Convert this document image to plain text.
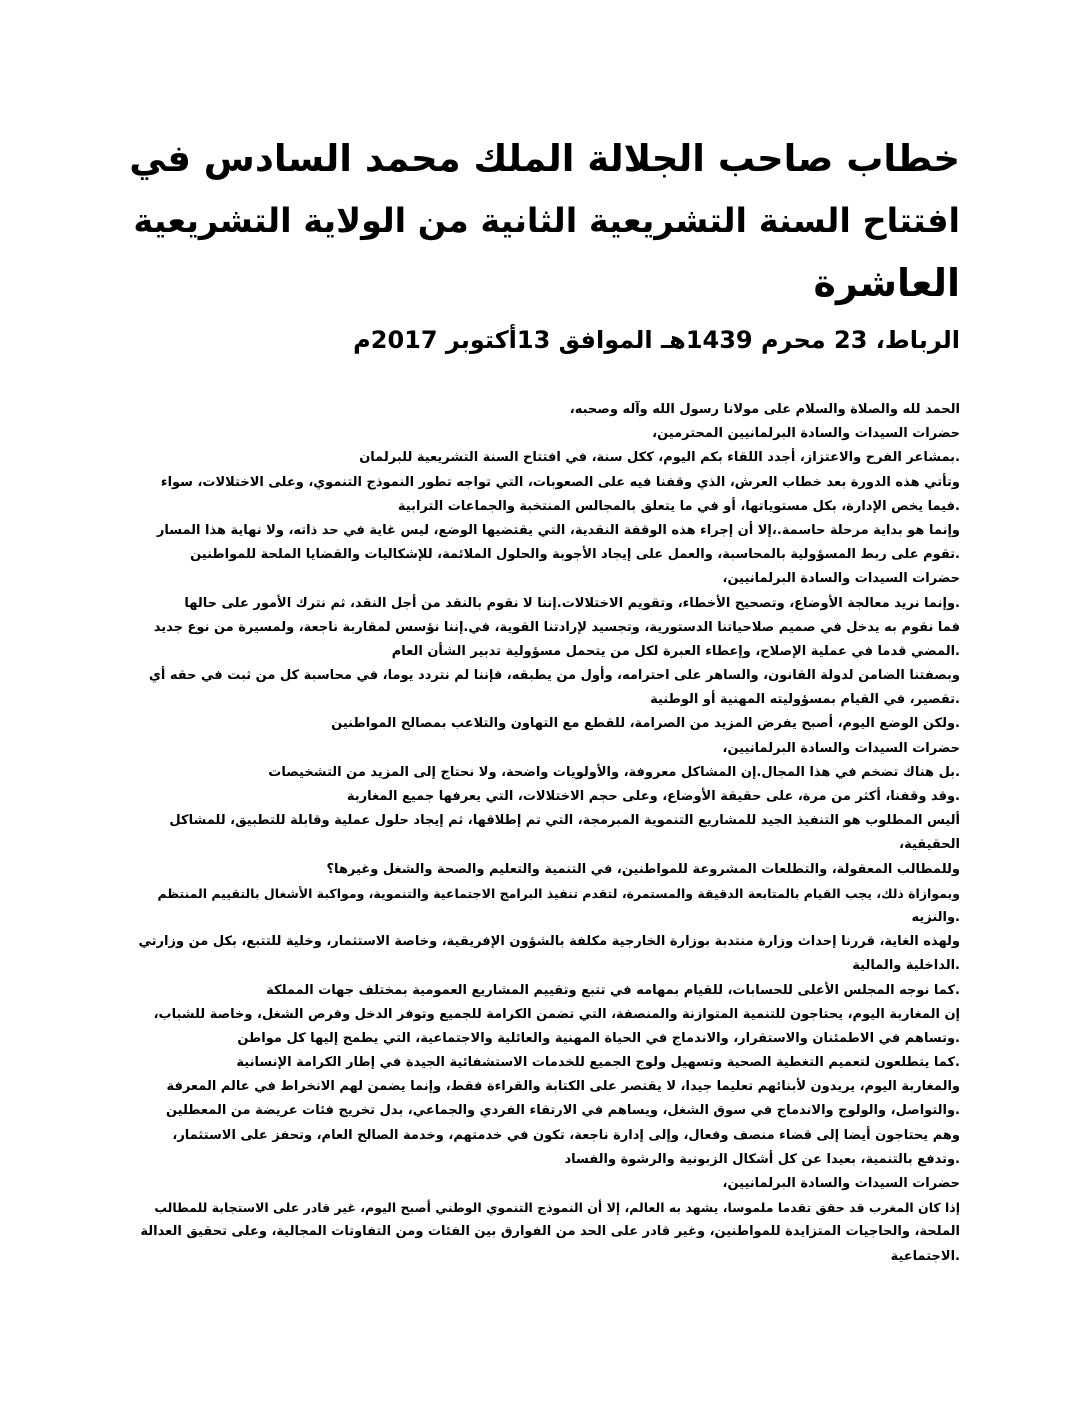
خطاب صاحب الجلالة الملك محمد السادس في
افتتاح السنة التشريعية الثانية من الولاية التشريعية
العاشرة
الرباط، 23 محرم 1439هـ الموافق 13أكتوبر 2017م
الحمد لله والصلاة والسلام على مولانا رسول الله وآله وصحبه،
حضرات السيدات والسادة البرلمانيين المحترمين،
.بمشاعر الفرح والاعتزاز، أجدد اللقاء بكم اليوم، ككل سنة، في افتتاح السنة التشريعية للبرلمان
وتأتي هذه الدورة بعد خطاب العرش، الذي وقفنا فيه على الصعوبات، التي تواجه تطور النموذج التنموي، وعلى الاختلالات، سواء
.فيما يخص الإدارة، بكل مستوياتها، أو في ما يتعلق بالمجالس المنتخبة والجماعات الترابية
وإنما هو بداية مرحلة حاسمة.،إلا أن إجراء هذه الوقفة النقدية، التي يقتضيها الوضع، ليس غاية في حد ذاته، ولا نهاية هذا المسار
.تقوم على ربط المسؤولية بالمحاسبة، والعمل على إيجاد الأجوبة والحلول الملائمة، للإشكاليات والقضايا الملحة للمواطنين
حضرات السيدات والسادة البرلمانيين،
.وإنما نريد معالجة الأوضاع، وتصحيح الأخطاء، وتقويم الاختلالات.إننا لا نقوم بالنقد من أجل النقد، ثم نترك الأمور على حالها
فما نقوم به يدخل في صميم صلاحياتنا الدستورية، وتجسيد لإرادتنا القوية، في.إننا نؤسس لمقاربة ناجعة، ولمسيرة من نوع جديد
.المضي قدما في عملية الإصلاح، وإعطاء العبرة لكل من يتحمل مسؤولية تدبير الشأن العام
وبصفتنا الضامن لدولة القانون، والساهر على احترامه، وأول من يطبقه، فإننا لم نتردد يوما، في محاسبة كل من ثبت في حقه أي
.تقصير، في القيام بمسؤوليته المهنية أو الوطنية
.ولكن الوضع اليوم، أصبح يفرض المزيد من الصرامة، للقطع مع التهاون والتلاعب بمصالح المواطنين
حضرات السيدات والسادة البرلمانيين،
.بل هناك تضخم في هذا المجال.إن المشاكل معروفة، والأولويات واضحة، ولا نحتاج إلى المزيد من التشخيصات
.وقد وقفنا، أكثر من مرة، على حقيقة الأوضاع، وعلى حجم الاختلالات، التي يعرفها جميع المغاربة
أليس المطلوب هو التنفيذ الجيد للمشاريع التنموية المبرمجة، التي تم إطلاقها، ثم إيجاد حلول عملية وقابلة للتطبيق، للمشاكل
الحقيقية،
وللمطالب المعقولة، والتطلعات المشروعة للمواطنين، في التنمية والتعليم والصحة والشغل وغيرها؟
وبموازاة ذلك، يجب القيام بالمتابعة الدقيقة والمستمرة، لتقدم تنفيذ البرامج الاجتماعية والتنموية، ومواكبة الأشغال بالتقييم المنتظم
.والنزيه
ولهذه الغاية، قررنا إحداث وزارة منتدبة بوزارة الخارجية مكلفة بالشؤون الإفريقية، وخاصة الاستثمار، وخلية للتتبع، بكل من وزارتي
.الداخلية والمالية
.كما نوجه المجلس الأعلى للحسابات، للقيام بمهامه في تتبع وتقييم المشاريع العمومية بمختلف جهات المملكة
إن المغاربة اليوم، يحتاجون للتنمية المتوازنة والمنصفة، التي تضمن الكرامة للجميع وتوفر الدخل وفرص الشغل، وخاصة للشباب،
.وتساهم في الاطمئنان والاستقرار، والاندماج في الحياة المهنية والعائلية والاجتماعية، التي يطمح إليها كل مواطن
.كما يتطلعون لتعميم التغطية الصحية وتسهيل ولوج الجميع للخدمات الاستشفائية الجيدة في إطار الكرامة الإنسانية
والمغاربة اليوم، يريدون لأبنائهم تعليما جيدا، لا يقتصر على الكتابة والقراءة فقط، وإنما يضمن لهم الانخراط في عالم المعرفة
.والتواصل، والولوج والاندماج في سوق الشغل، ويساهم في الارتقاء الفردي والجماعي، بدل تخريج فئات عريضة من المعطلين
وهم يحتاجون أيضا إلى قضاء منصف وفعال، وإلى إدارة ناجعة، تكون في خدمتهم، وخدمة الصالح العام، وتحفز على الاستثمار،
.وتدفع بالتنمية، بعيدا عن كل أشكال الزبونية والرشوة والفساد
حضرات السيدات والسادة البرلمانيين،
إذا كان المغرب قد حقق تقدما ملموسا، يشهد به العالم، إلا أن النموذج التنموي الوطني أصبح اليوم، غير قادر على الاستجابة للمطالب
الملحة، والحاجيات المتزايدة للمواطنين، وغير قادر على الحد من الفوارق بين الفئات ومن التفاوتات المجالية، وعلى تحقيق العدالة
.الاجتماعية
